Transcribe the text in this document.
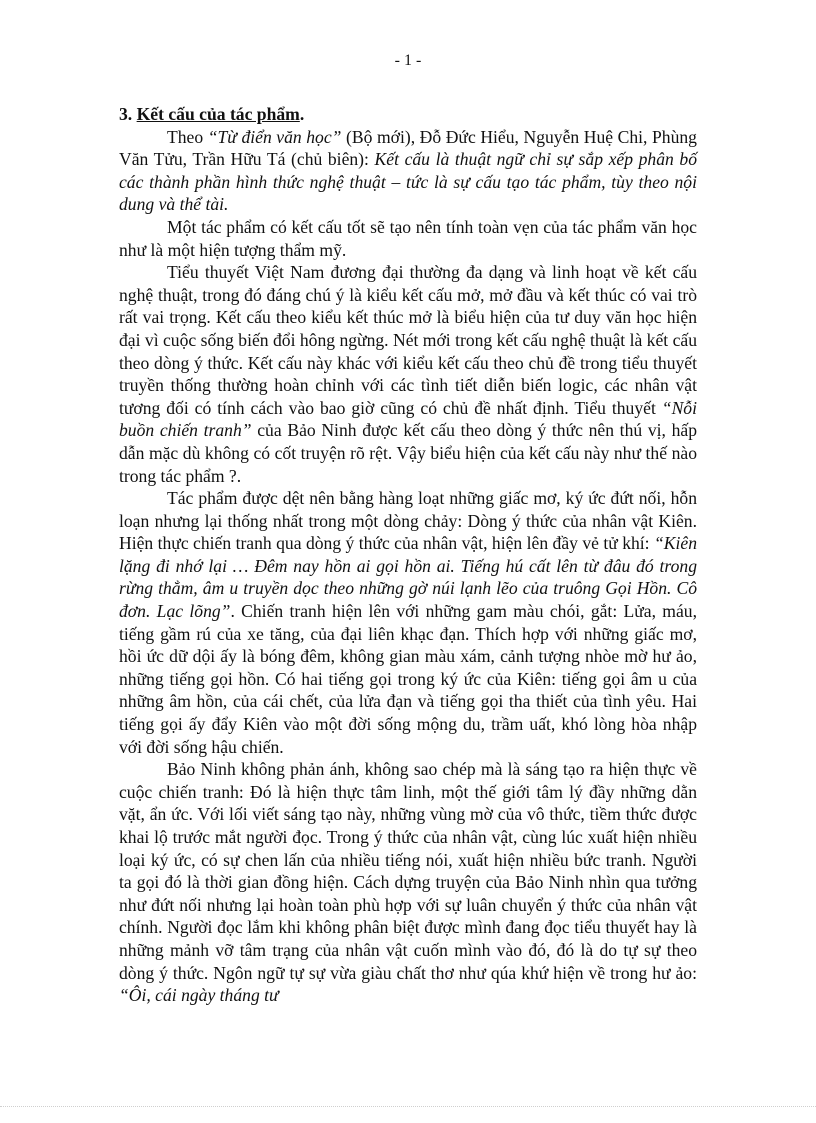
- 1 -
3. Kết cấu của tác phẩm.

Theo “Từ điển văn học” (Bộ mới), Đỗ Đức Hiểu, Nguyễn Huệ Chi, Phùng Văn Tửu, Trần Hữu Tá (chủ biên): Kết cấu là thuật ngữ chỉ sự sắp xếp phân bố các thành phần hình thức nghệ thuật – tức là sự cấu tạo tác phẩm, tùy theo nội dung và thể tài.

Một tác phẩm có kết cấu tốt sẽ tạo nên tính toàn vẹn của tác phẩm văn học như là một hiện tượng thẩm mỹ.

Tiểu thuyết Việt Nam đương đại thường đa dạng và linh hoạt về kết cấu nghệ thuật, trong đó đáng chú ý là kiểu kết cấu mở, mở đầu và kết thúc có vai trò rất vai trọng. Kết cấu theo kiểu kết thúc mở là biểu hiện của tư duy văn học hiện đại vì cuộc sống biến đổi hông ngừng. Nét mới trong kết cấu nghệ thuật là kết cấu theo dòng ý thức. Kết cấu này khác với kiểu kết cấu theo chủ đề trong tiểu thuyết truyền thống thường hoàn chỉnh với các tình tiết diễn biến logic, các nhân vật tương đối có tính cách vào bao giờ cũng có chủ đề nhất định. Tiểu thuyết “Nỗi buồn chiến tranh” của Bảo Ninh được kết cấu theo dòng ý thức nên thú vị, hấp dẫn mặc dù không có cốt truyện rõ rệt. Vậy biểu hiện của kết cấu này như thế nào trong tác phẩm ?.

Tác phẩm được dệt nên bằng hàng loạt những giấc mơ, ký ức đứt nối, hỗn loạn nhưng lại thống nhất trong một dòng chảy: Dòng ý thức của nhân vật Kiên. Hiện thực chiến tranh qua dòng ý thức của nhân vật, hiện lên đầy vẻ tử khí: “Kiên lặng đi nhớ lại … Đêm nay hồn ai gọi hồn ai. Tiếng hú cất lên từ đâu đó trong rừng thẳm, âm u truyền dọc theo những gờ núi lạnh lẽo của truông Gọi Hồn. Cô đơn. Lạc lõng”. Chiến tranh hiện lên với những gam màu chói, gắt: Lửa, máu, tiếng gầm rú của xe tăng, của đại liên khạc đạn. Thích hợp với những giấc mơ, hồi ức dữ dội ấy là bóng đêm, không gian màu xám, cảnh tượng nhòe mờ hư ảo, những tiếng gọi hồn. Có hai tiếng gọi trong ký ức của Kiên: tiếng gọi âm u của những âm hồn, của cái chết, của lửa đạn và tiếng gọi tha thiết của tình yêu. Hai tiếng gọi ấy đẩy Kiên vào một đời sống mộng du, trầm uất, khó lòng hòa nhập với đời sống hậu chiến.

Bảo Ninh không phản ánh, không sao chép mà là sáng tạo ra hiện thực về cuộc chiến tranh: Đó là hiện thực tâm linh, một thế giới tâm lý đầy những dằn vặt, ẩn ức. Với lối viết sáng tạo này, những vùng mờ của vô thức, tiềm thức được khai lộ trước mắt người đọc. Trong ý thức của nhân vật, cùng lúc xuất hiện nhiều loại ký ức, có sự chen lấn của nhiều tiếng nói, xuất hiện nhiều bức tranh. Người ta gọi đó là thời gian đồng hiện. Cách dựng truyện của Bảo Ninh nhìn qua tưởng như đứt nối nhưng lại hoàn toàn phù hợp với sự luân chuyển ý thức của nhân vật chính. Người đọc lắm khi không phân biệt được mình đang đọc tiểu thuyết hay là những mảnh vỡ tâm trạng của nhân vật cuốn mình vào đó, đó là do tự sự theo dòng ý thức. Ngôn ngữ tự sự vừa giàu chất thơ như qúa khứ hiện về trong hư ảo: “Ôi, cái ngày tháng tư
